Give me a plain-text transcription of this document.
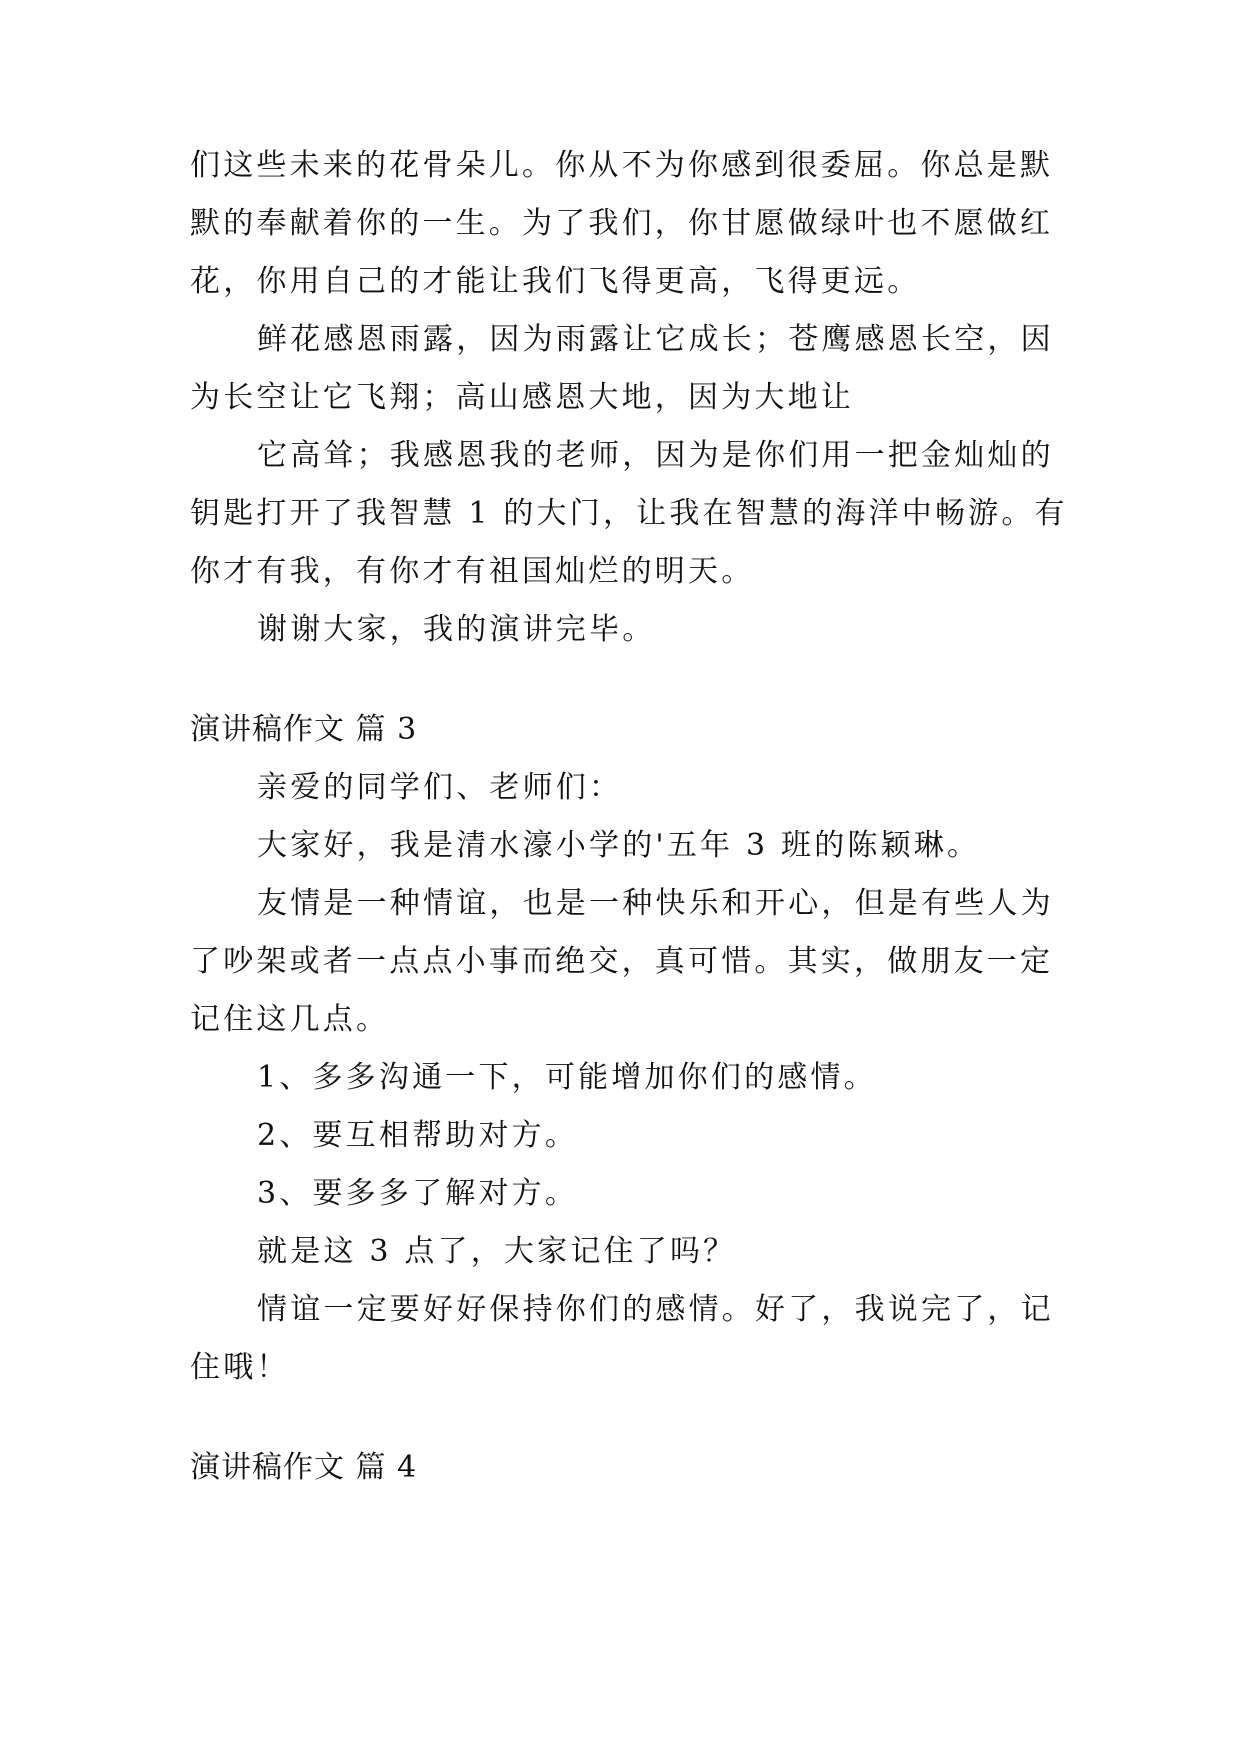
们这些未来的花骨朵儿。你从不为你感到很委屈。你总是默
默的奉献着你的一生。为了我们，你甘愿做绿叶也不愿做红
花，你用自己的才能让我们飞得更高，飞得更远。
鲜花感恩雨露，因为雨露让它成长；苍鹰感恩长空，因
为长空让它飞翔；高山感恩大地，因为大地让
它高耸；我感恩我的老师，因为是你们用一把金灿灿的
钥匙打开了我智慧 1 的大门，让我在智慧的海洋中畅游。有
你才有我，有你才有祖国灿烂的明天。
谢谢大家，我的演讲完毕。
演讲稿作文 篇 3
亲爱的同学们、老师们：
大家好，我是清水濠小学的'五年 3 班的陈颖琳。
友情是一种情谊，也是一种快乐和开心，但是有些人为
了吵架或者一点点小事而绝交，真可惜。其实，做朋友一定
记住这几点。
1、多多沟通一下，可能增加你们的感情。
2、要互相帮助对方。
3、要多多了解对方。
就是这 3 点了，大家记住了吗？
情谊一定要好好保持你们的感情。好了，我说完了，记
住哦！
演讲稿作文 篇 4
